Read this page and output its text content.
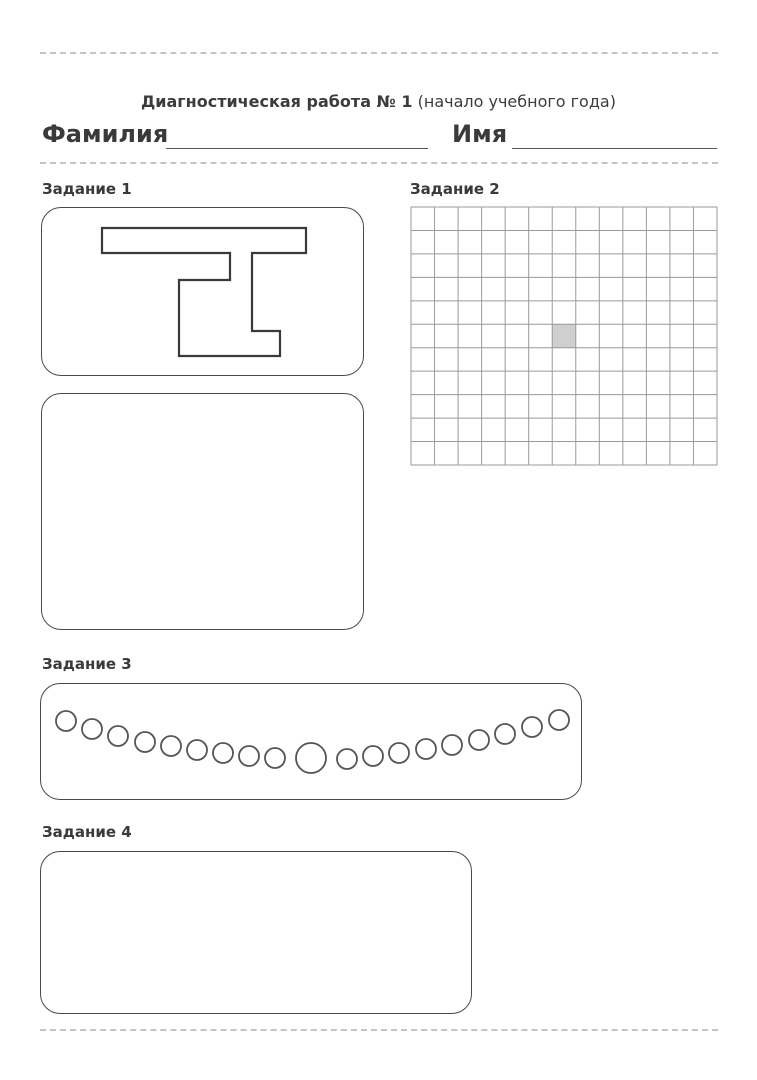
Диагностическая работа № 1 (начало учебного года)
Фамилия	Имя
Задание 1	Задание 2
Задание 3
Задание 4
